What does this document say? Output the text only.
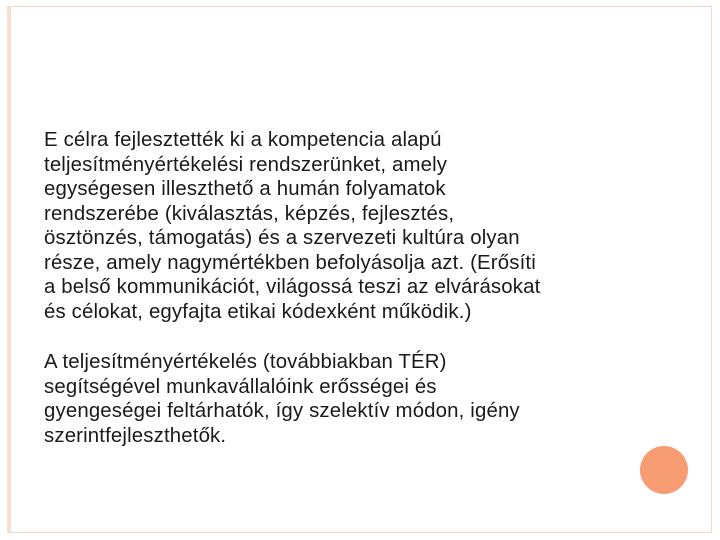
E célra fejlesztették ki a kompetencia alapú
teljesítményértékelési rendszerünket, amely
egységesen illeszthető a humán folyamatok
rendszerébe (kiválasztás, képzés, fejlesztés,
ösztönzés, támogatás) és a szervezeti kultúra olyan
része, amely nagymértékben befolyásolja azt. (Erősíti
a belső kommunikációt, világossá teszi az elvárásokat
és célokat, egyfajta etikai kódexként működik.)

A teljesítményértékelés (továbbiakban TÉR)
segítségével munkavállalóink erősségei és
gyengeségei feltárhatók, így szelektív módon, igény
szerintfejleszthetők.
